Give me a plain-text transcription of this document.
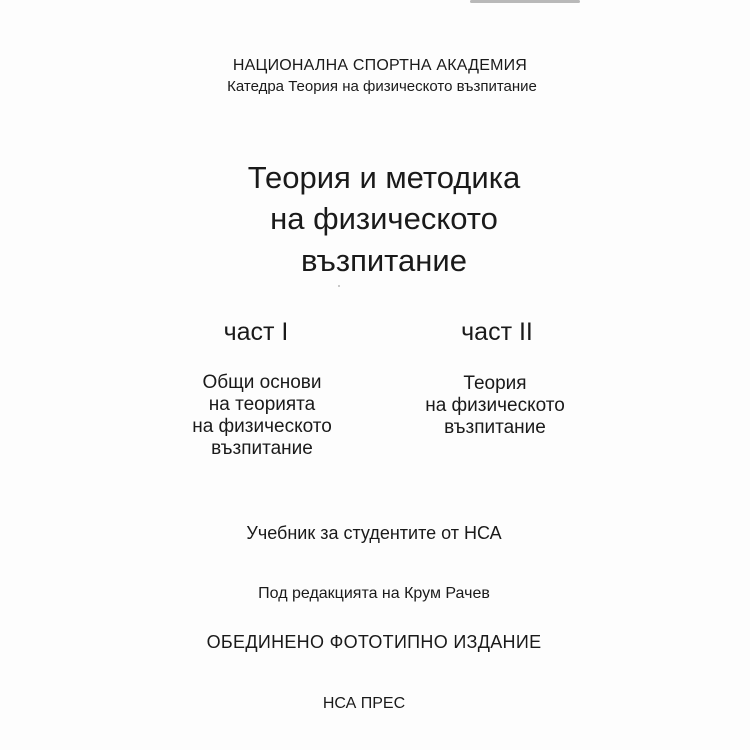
НАЦИОНАЛНА СПОРТНА АКАДЕМИЯ
Катедра Теория на физическото възпитание
Теория и методика
на физическото
възпитание
част I	част II
Общи основи
на теорията
на физическото
възпитание
Теория
на физическото
възпитание
Учебник за студентите от НСА
Под редакцията на Крум Рачев
ОБЕДИНЕНО ФОТОТИПНО ИЗДАНИЕ
НСА ПРЕС
